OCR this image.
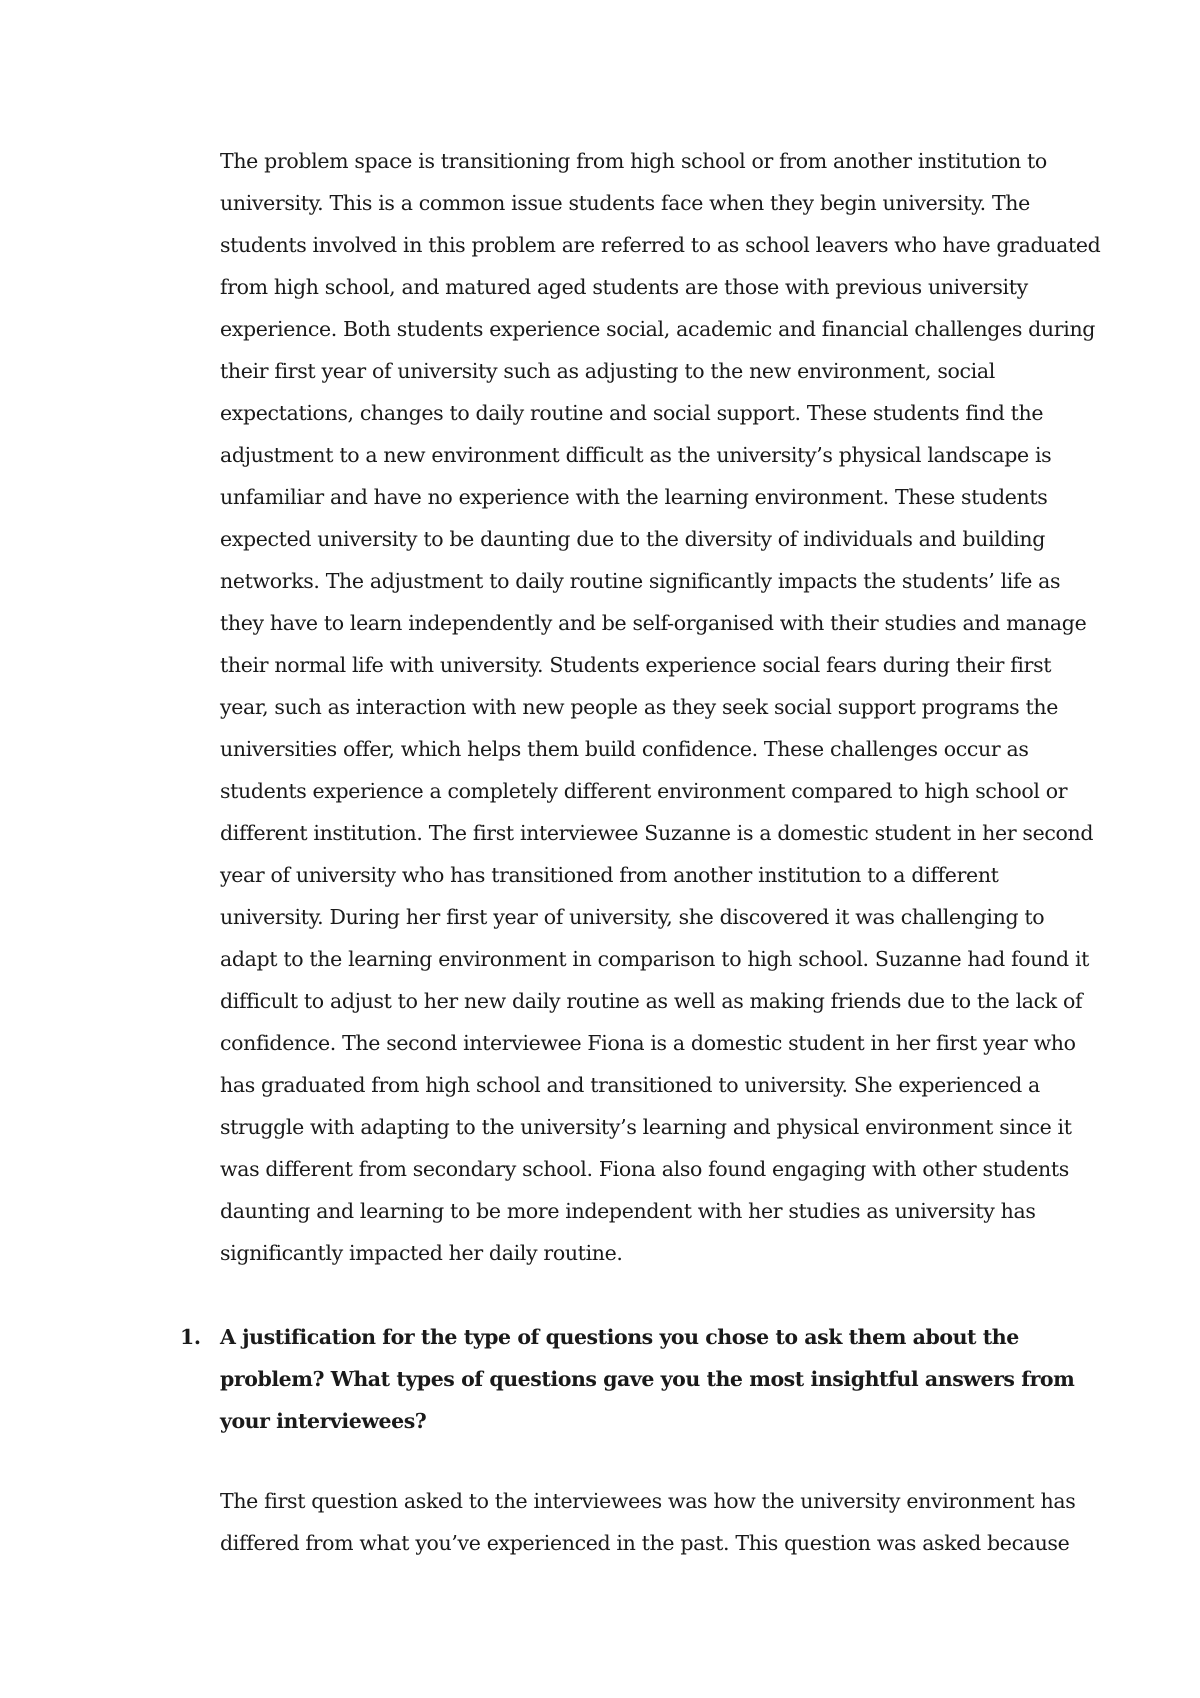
The problem space is transitioning from high school or from another institution to
university. This is a common issue students face when they begin university. The
students involved in this problem are referred to as school leavers who have graduated
from high school, and matured aged students are those with previous university
experience. Both students experience social, academic and financial challenges during
their first year of university such as adjusting to the new environment, social
expectations, changes to daily routine and social support. These students find the
adjustment to a new environment difficult as the university’s physical landscape is
unfamiliar and have no experience with the learning environment. These students
expected university to be daunting due to the diversity of individuals and building
networks. The adjustment to daily routine significantly impacts the students’ life as
they have to learn independently and be self-organised with their studies and manage
their normal life with university. Students experience social fears during their first
year, such as interaction with new people as they seek social support programs the
universities offer, which helps them build confidence. These challenges occur as
students experience a completely different environment compared to high school or
different institution. The first interviewee Suzanne is a domestic student in her second
year of university who has transitioned from another institution to a different
university. During her first year of university, she discovered it was challenging to
adapt to the learning environment in comparison to high school. Suzanne had found it
difficult to adjust to her new daily routine as well as making friends due to the lack of
confidence. The second interviewee Fiona is a domestic student in her first year who
has graduated from high school and transitioned to university. She experienced a
struggle with adapting to the university’s learning and physical environment since it
was different from secondary school. Fiona also found engaging with other students
daunting and learning to be more independent with her studies as university has
significantly impacted her daily routine.
1. A justification for the type of questions you chose to ask them about the
problem? What types of questions gave you the most insightful answers from
your interviewees?
The first question asked to the interviewees was how the university environment has
differed from what you’ve experienced in the past. This question was asked because
